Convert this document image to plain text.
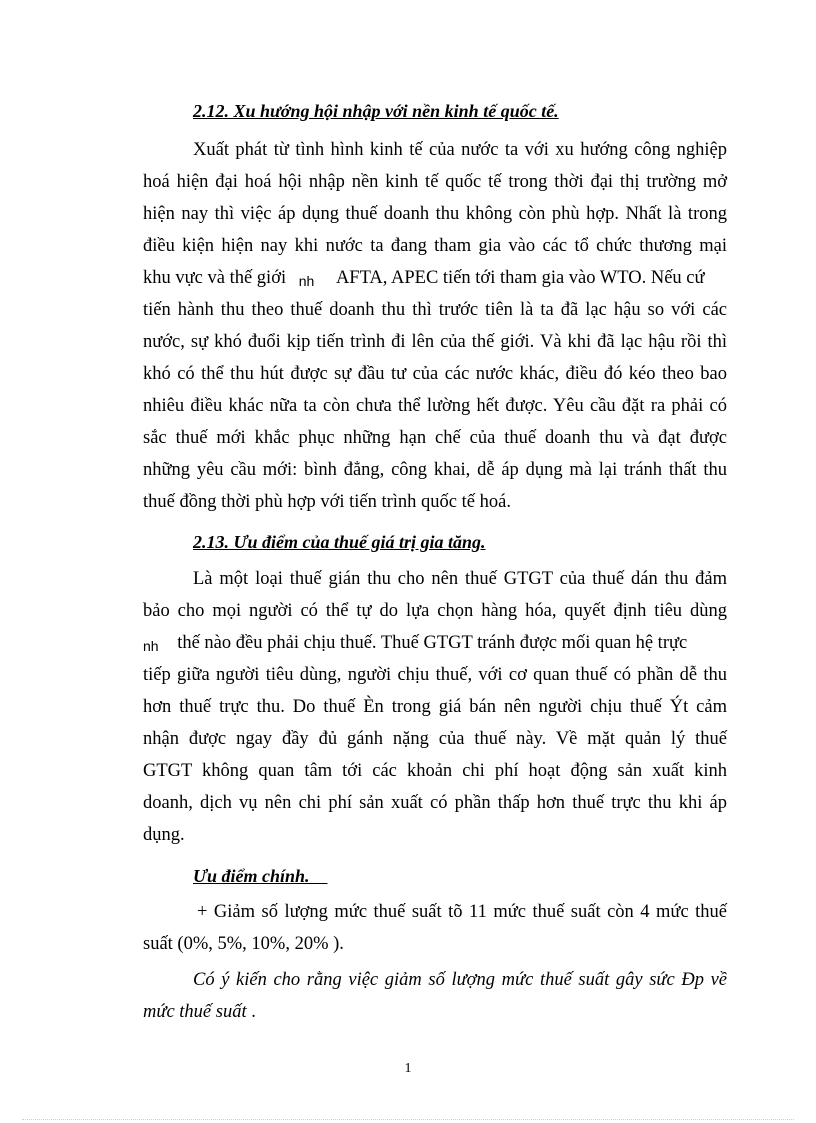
2.12. Xu hướng hội nhập với nền kinh tế quốc tế.
Xuất phát từ tình hình kinh tế của nước ta với xu hướng công nghiệp
hoá hiện đại hoá hội nhập nền kinh tế quốc tế trong thời đại thị trường mở
hiện nay thì việc áp dụng thuế doanh thu không còn phù hợp. Nhất là trong
điều kiện hiện nay khi nước ta đang tham gia vào các tổ chức thương mại
khu vực và thế giới nh AFTA, APEC tiến tới tham gia vào WTO. Nếu cứ
tiến hành thu theo thuế doanh thu thì trước tiên là ta đã lạc hậu so với các
nước, sự khó đuổi kịp tiến trình đi lên của thế giới. Và khi đã lạc hậu rồi thì
khó có thể thu hút được sự đầu tư của các nước khác, điều đó kéo theo bao
nhiêu điều khác nữa ta còn chưa thể lường hết được. Yêu cầu đặt ra phải có
sắc thuế mới khắc phục những hạn chế của thuế doanh thu và đạt được
những yêu cầu mới: bình đẳng, công khai, dễ áp dụng mà lại tránh thất thu
thuế đồng thời phù hợp với tiến trình quốc tế hoá.
2.13. Ưu điểm của thuế giá trị gia tăng.
Là một loại thuế gián thu cho nên thuế GTGT của thuế dán thu đảm
bảo cho mọi người có thể tự do lựa chọn hàng hóa, quyết định tiêu dùng
nh thế nào đều phải chịu thuế. Thuế GTGT tránh được mối quan hệ trực
tiếp giữa người tiêu dùng, người chịu thuế, với cơ quan thuế có phần dễ thu
hơn thuế trực thu. Do thuế Èn trong giá bán nên người chịu thuế Ýt cảm
nhận được ngay đầy đủ gánh nặng của thuế này. Về mặt quản lý thuế
GTGT không quan tâm tới các khoản chi phí hoạt động sản xuất kinh
doanh, dịch vụ nên chi phí sản xuất có phần thấp hơn thuế trực thu khi áp
dụng.
Ưu điểm chính.
+ Giảm số lượng mức thuế suất tõ 11 mức thuế suất còn 4 mức thuế
suất (0%, 5%, 10%, 20% ).
Có ý kiến cho rằng việc giảm số lượng mức thuế suất gây sức Ðp về
mức thuế suất .
1
